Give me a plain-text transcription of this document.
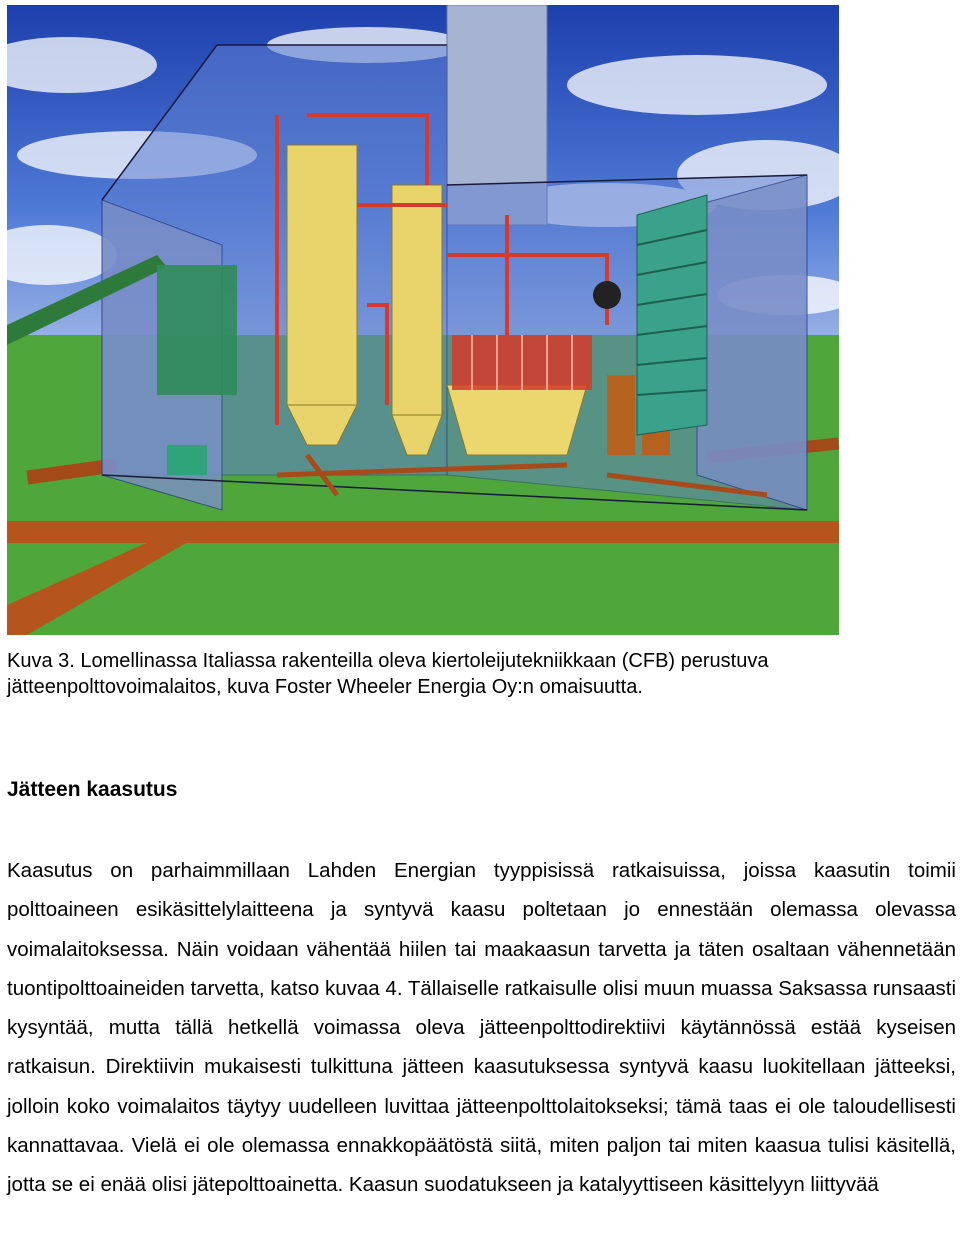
Kuva 3. Lomellinassa Italiassa rakenteilla oleva kiertoleijutekniikkaan (CFB) perustuva

jätteenpolttovoimalaitos, kuva Foster Wheeler Energia Oy:n omaisuutta.

Jätteen kaasutus

Kaasutus on parhaimmillaan Lahden Energian tyyppisissä ratkaisuissa, joissa kaasutin toimii polttoaineen esikäsittelylaitteena ja syntyvä kaasu poltetaan jo ennestään olemassa olevassa voimalaitoksessa. Näin voidaan vähentää hiilen tai maakaasun tarvetta ja täten osaltaan vähennetään tuontipolttoaineiden tarvetta, katso kuvaa 4. Tällaiselle ratkaisulle olisi muun muassa Saksassa runsaasti kysyntää, mutta tällä hetkellä voimassa oleva jätteenpolttodirektiivi käytännössä estää kyseisen ratkaisun. Direktiivin mukaisesti tulkittuna jätteen kaasutuksessa syntyvä kaasu luokitellaan jätteeksi, jolloin koko voimalaitos täytyy uudelleen luvittaa jätteenpolttolaitokseksi; tämä taas ei ole taloudellisesti kannattavaa. Vielä ei ole olemassa ennakkopäätöstä siitä, miten paljon tai miten kaasua tulisi käsitellä, jotta se ei enää olisi jätepolttoainetta. Kaasun suodatukseen ja katalyyttiseen käsittelyyn liittyvää
